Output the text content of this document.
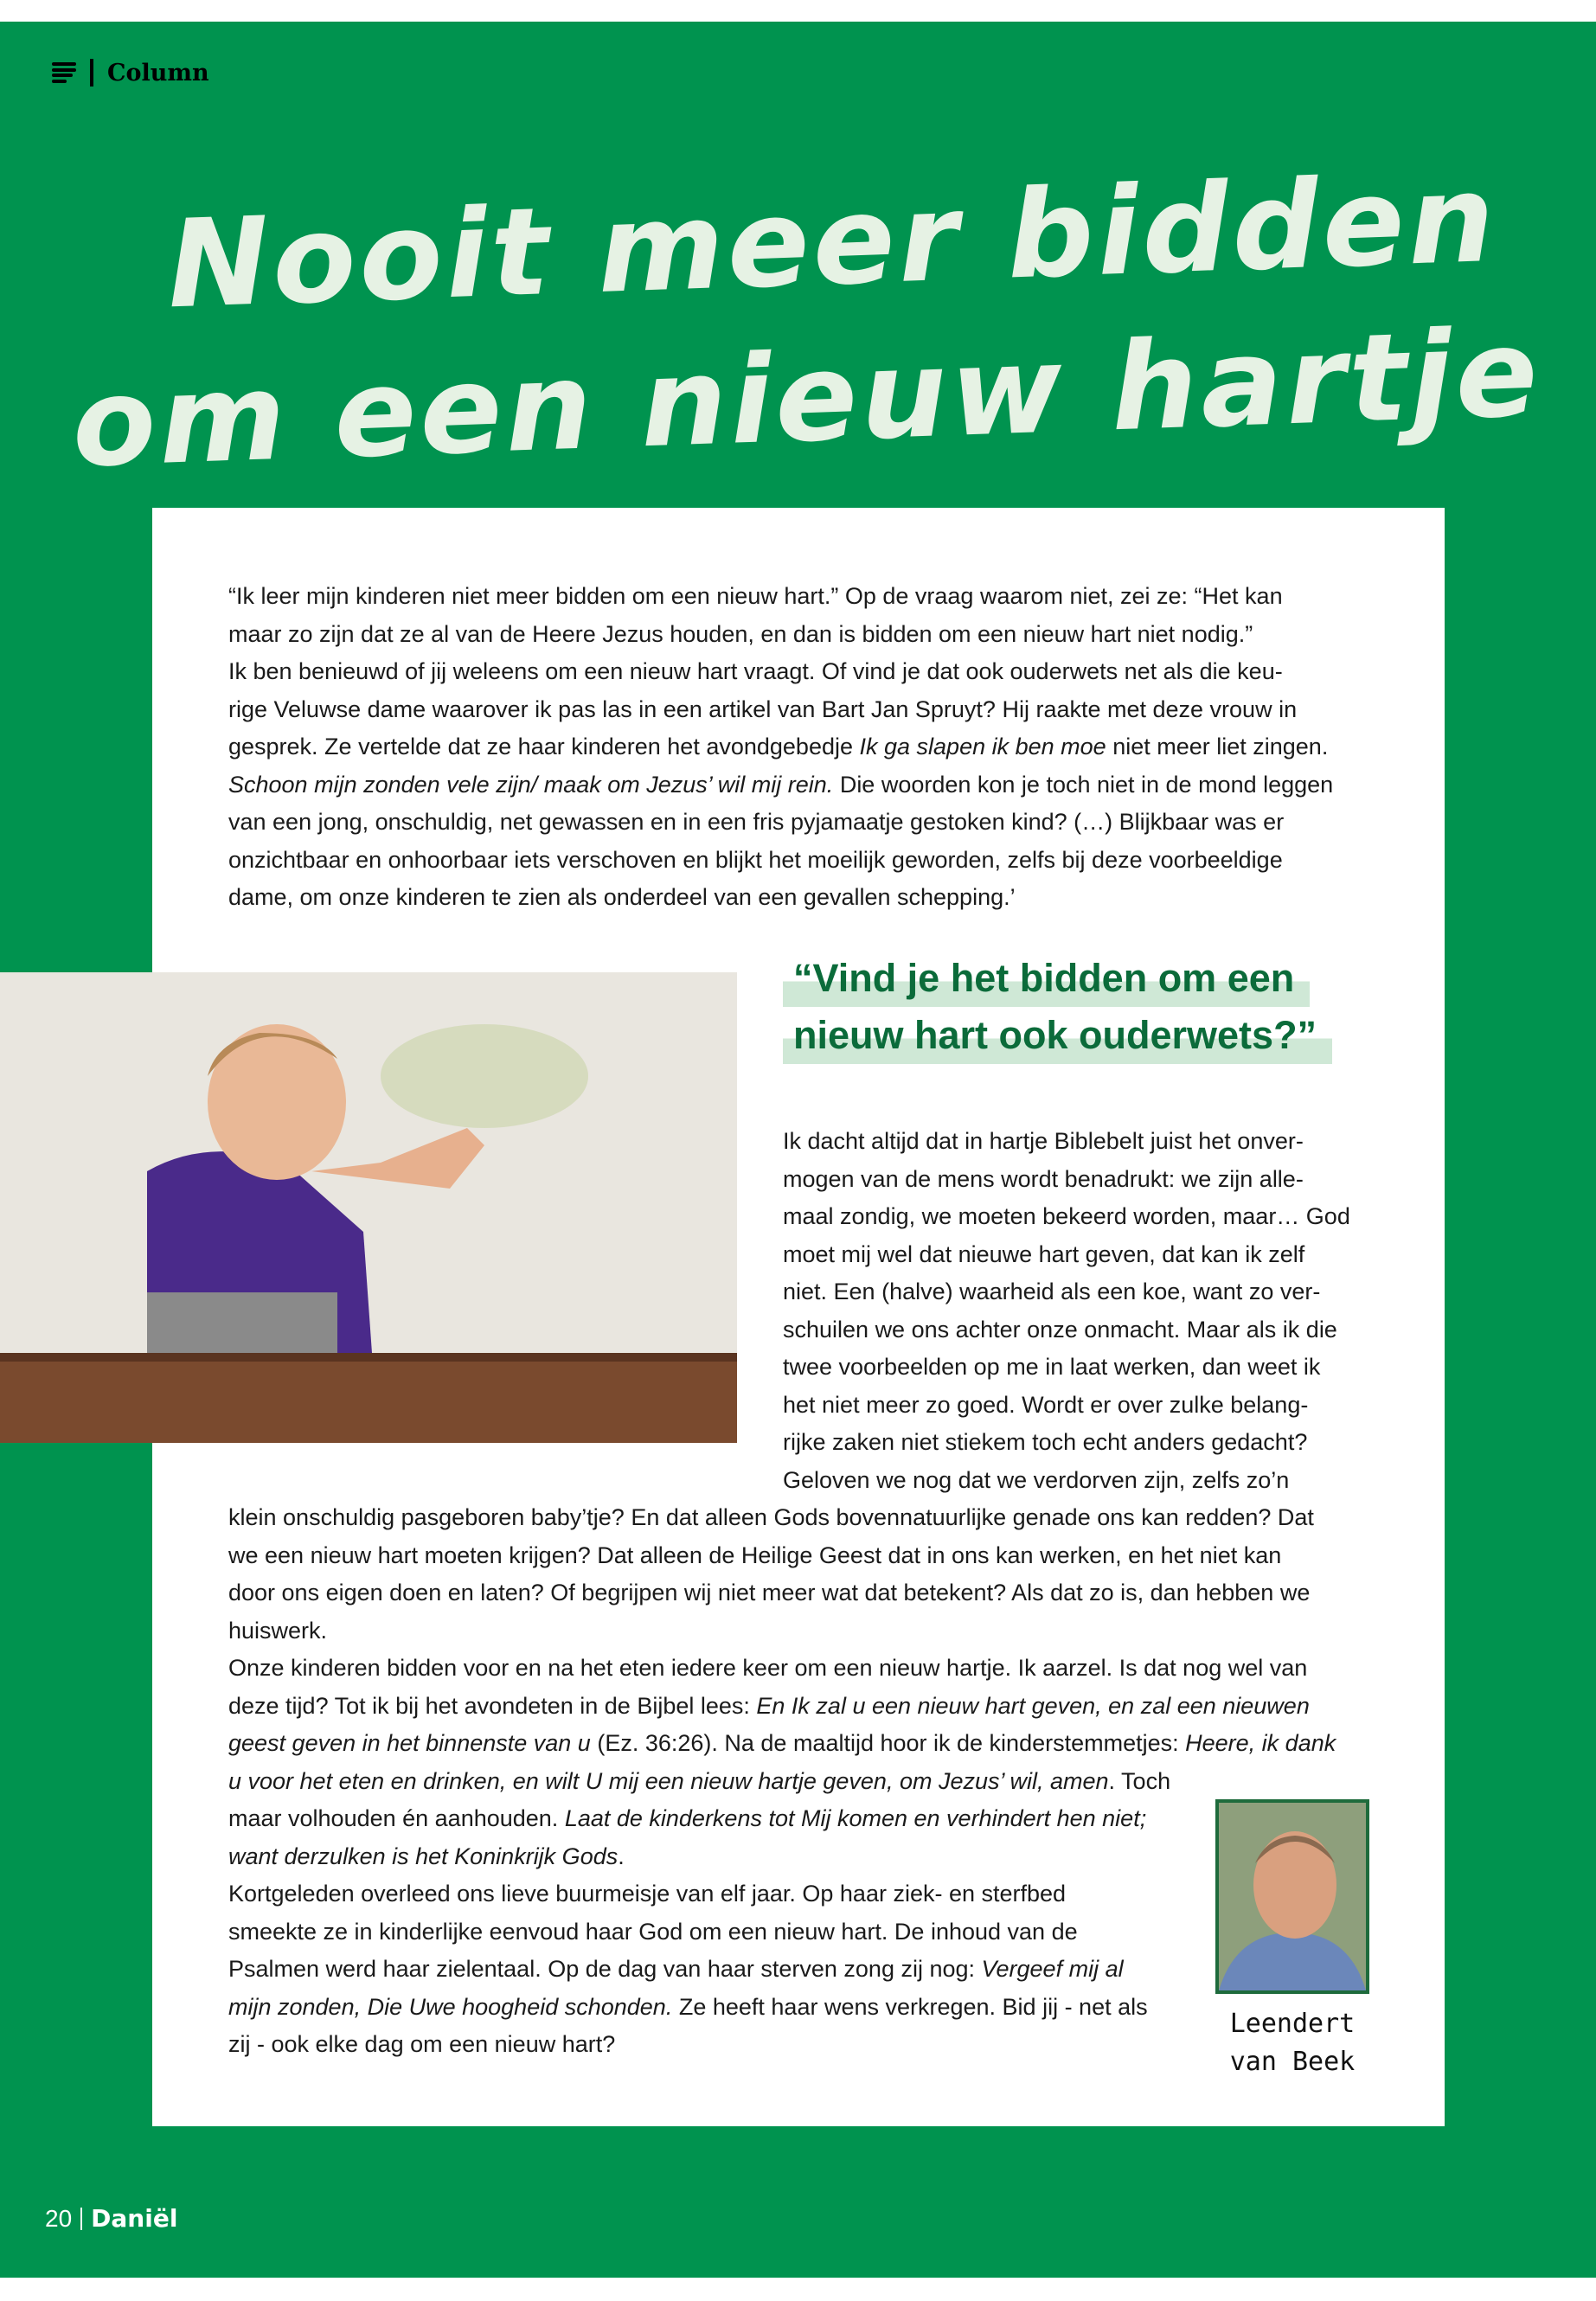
Column
Nooit meer bidden
om een nieuw hartje
“Ik leer mijn kinderen niet meer bidden om een nieuw hart.” Op de vraag waarom niet, zei ze: “Het kan
maar zo zijn dat ze al van de Heere Jezus houden, en dan is bidden om een nieuw hart niet nodig.”
Ik ben benieuwd of jij weleens om een nieuw hart vraagt. Of vind je dat ook ouderwets net als die keu-
rige Veluwse dame waarover ik pas las in een artikel van Bart Jan Spruyt? Hij raakte met deze vrouw in
gesprek. Ze vertelde dat ze haar kinderen het avondgebedje Ik ga slapen ik ben moe niet meer liet zingen.
Schoon mijn zonden vele zijn/ maak om Jezus’ wil mij rein. Die woorden kon je toch niet in de mond leggen
van een jong, onschuldig, net gewassen en in een fris pyjamaatje gestoken kind? (…) Blijkbaar was er
onzichtbaar en onhoorbaar iets verschoven en blijkt het moeilijk geworden, zelfs bij deze voorbeeldige
dame, om onze kinderen te zien als onderdeel van een gevallen schepping.’
“Vind je het bidden om een
nieuw hart ook ouderwets?”
Ik dacht altijd dat in hartje Biblebelt juist het onver-
mogen van de mens wordt benadrukt: we zijn alle-
maal zondig, we moeten bekeerd worden, maar… God
moet mij wel dat nieuwe hart geven, dat kan ik zelf
niet. Een (halve) waarheid als een koe, want zo ver-
schuilen we ons achter onze onmacht. Maar als ik die
twee voorbeelden op me in laat werken, dan weet ik
het niet meer zo goed. Wordt er over zulke belang-
rijke zaken niet stiekem toch echt anders gedacht?
Geloven we nog dat we verdorven zijn, zelfs zo’n
klein onschuldig pasgeboren baby’tje? En dat alleen Gods bovennatuurlijke genade ons kan redden? Dat
we een nieuw hart moeten krijgen? Dat alleen de Heilige Geest dat in ons kan werken, en het niet kan
door ons eigen doen en laten? Of begrijpen wij niet meer wat dat betekent? Als dat zo is, dan hebben we
huiswerk.
Onze kinderen bidden voor en na het eten iedere keer om een nieuw hartje. Ik aarzel. Is dat nog wel van
deze tijd? Tot ik bij het avondeten in de Bijbel lees: En Ik zal u een nieuw hart geven, en zal een nieuwen
geest geven in het binnenste van u (Ez. 36:26). Na de maaltijd hoor ik de kinderstemmetjes: Heere, ik dank
u voor het eten en drinken, en wilt U mij een nieuw hartje geven, om Jezus’ wil, amen. Toch
maar volhouden én aanhouden. Laat de kinderkens tot Mij komen en verhindert hen niet;
want derzulken is het Koninkrijk Gods.
Kortgeleden overleed ons lieve buurmeisje van elf jaar. Op haar ziek- en sterfbed
smeekte ze in kinderlijke eenvoud haar God om een nieuw hart. De inhoud van de
Psalmen werd haar zielentaal. Op de dag van haar sterven zong zij nog: Vergeef mij al
mijn zonden, Die Uwe hoogheid schonden. Ze heeft haar wens verkregen. Bid jij - net als
zij - ook elke dag om een nieuw hart?
Leendert
van Beek
20 Daniël
